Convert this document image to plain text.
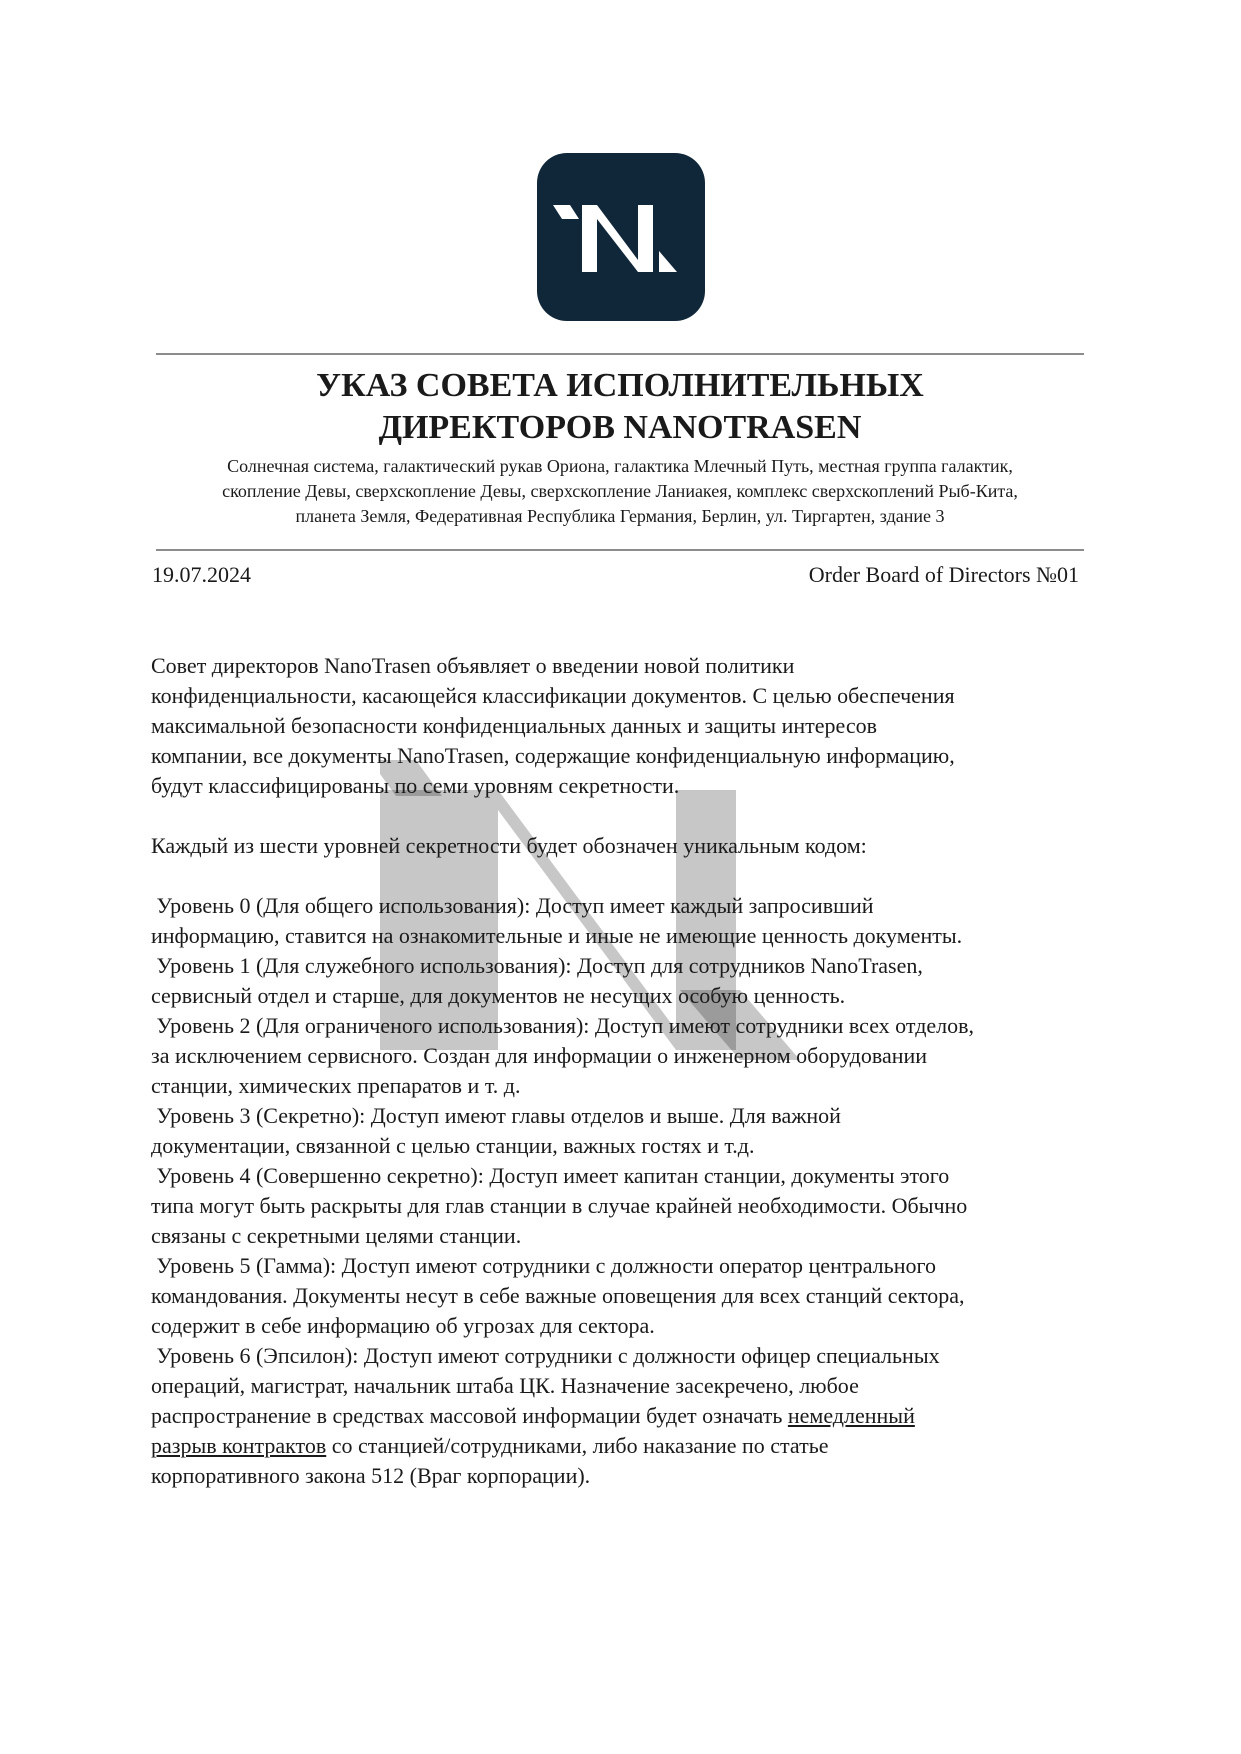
УКАЗ СОВЕТА ИСПОЛНИТЕЛЬНЫХ
ДИРЕКТОРОВ NANOTRASEN
Солнечная система, галактический рукав Ориона, галактика Млечный Путь, местная группа галактик,
скопление Девы, сверхскопление Девы, сверхскопление Ланиакея, комплекс сверхскоплений Рыб-Кита,
планета Земля, Федеративная Республика Германия, Берлин, ул. Тиргартен, здание 3
19.07.2024	Order Board of Directors №01
Совет директоров NanoTrasen объявляет о введении новой политики
конфиденциальности, касающейся классификации документов. С целью обеспечения
максимальной безопасности конфиденциальных данных и защиты интересов
компании, все документы NanoTrasen, содержащие конфиденциальную информацию,
будут классифицированы по семи уровням секретности.
Каждый из шести уровней секретности будет обозначен уникальным кодом:
Уровень 0 (Для общего использования): Доступ имеет каждый запросивший
информацию, ставится на ознакомительные и иные не имеющие ценность документы.
Уровень 1 (Для служебного использования): Доступ для сотрудников NanoTrasen,
сервисный отдел и старше, для документов не несущих особую ценность.
Уровень 2 (Для ограниченого использования): Доступ имеют сотрудники всех отделов,
за исключением сервисного. Создан для информации о инженерном оборудовании
станции, химических препаратов и т. д.
Уровень 3 (Секретно): Доступ имеют главы отделов и выше. Для важной
документации, связанной с целью станции, важных гостях и т.д.
Уровень 4 (Совершенно секретно): Доступ имеет капитан станции, документы этого
типа могут быть раскрыты для глав станции в случае крайней необходимости. Обычно
связаны с секретными целями станции.
Уровень 5 (Гамма): Доступ имеют сотрудники с должности оператор центрального
командования. Документы несут в себе важные оповещения для всех станций сектора,
содержит в себе информацию об угрозах для сектора.
Уровень 6 (Эпсилон): Доступ имеют сотрудники с должности офицер специальных
операций, магистрат, начальник штаба ЦК. Назначение засекречено, любое
распространение в средствах массовой информации будет означать немедленный
разрыв контрактов со станцией/сотрудниками, либо наказание по статье
корпоративного закона 512 (Враг корпорации).
